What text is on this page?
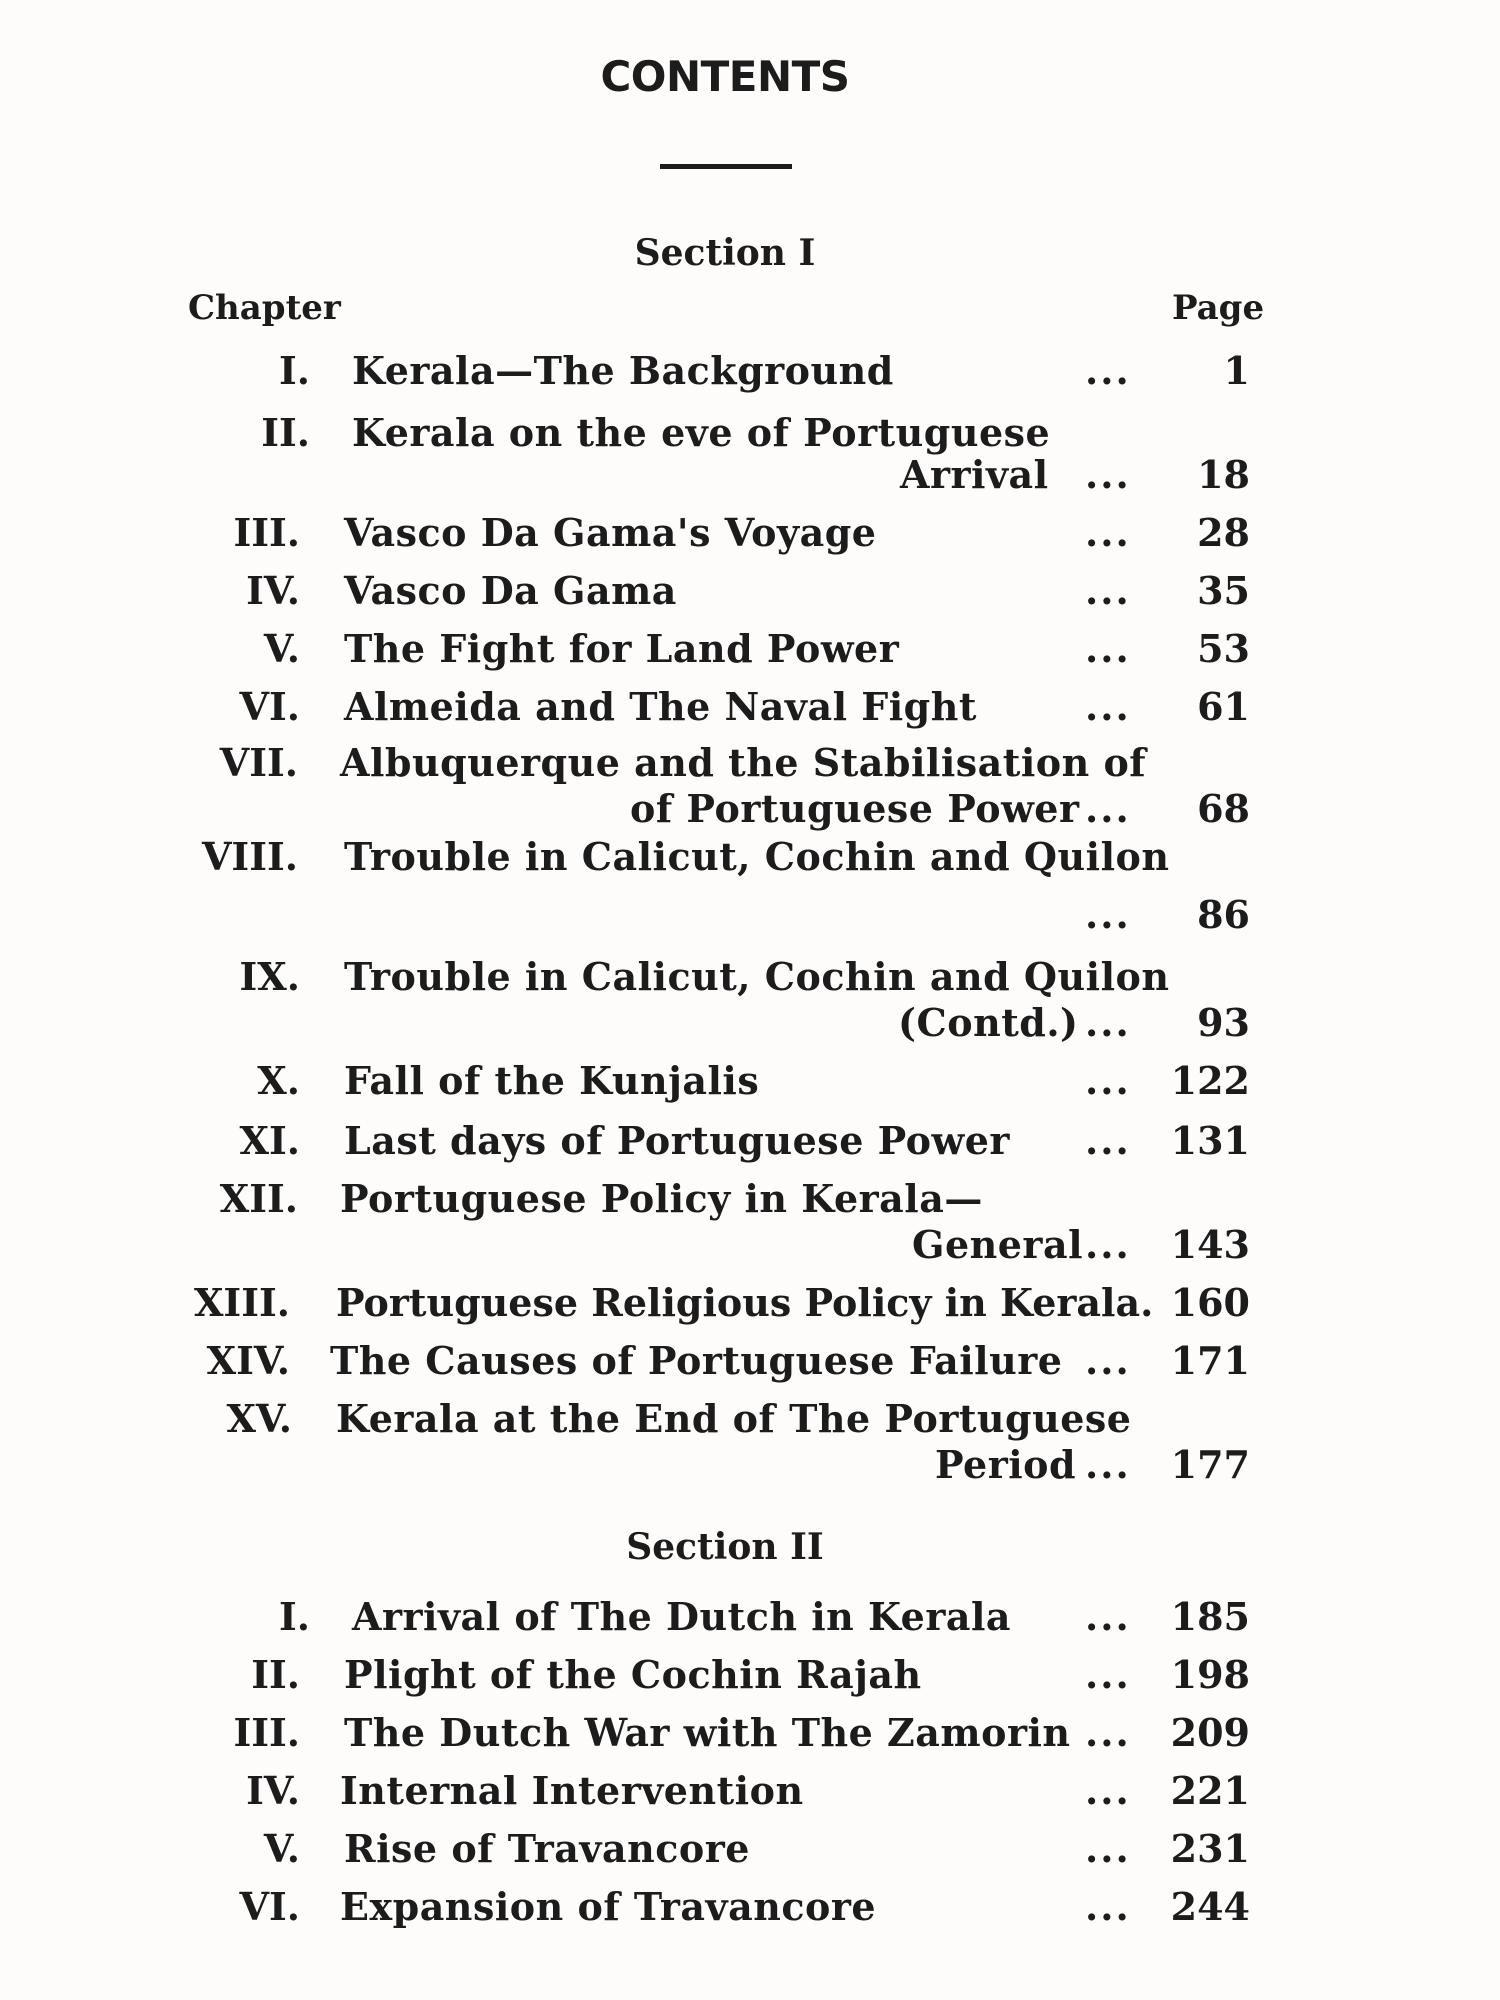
CONTENTS
Section I
Chapter	Page
I. Kerala—The Background	...	1
II. Kerala on the eve of Portuguese
Arrival ...	18
III. Vasco Da Gama's Voyage	...	28
IV. Vasco Da Gama	...	35
V. The Fight for Land Power	...	53
VI. Almeida and The Naval Fight	...	61
VII. Albuquerque and the Stabilisation of
of Portuguese Power ...	68
VIII. Trouble in Calicut, Cochin and Quilon
...	86
IX. Trouble in Calicut, Cochin and Quilon
(Contd.) ...	93
X. Fall of the Kunjalis	...	122
XI. Last days of Portuguese Power ...	131
XII. Portuguese Policy in Kerala—
General ...	143
XIII. Portuguese Religious Policy in Kerala. 160
XIV. The Causes of Portuguese Failure ...	171
XV. Kerala at the End of The Portuguese
Period ...	177
Section II
I. Arrival of The Dutch in Kerala ...	185
II. Plight of the Cochin Rajah	...	198
III. The Dutch War with The Zamorin ...	209
IV. Internal Intervention	...	221
V. Rise of Travancore	...	231
VI. Expansion of Travancore	...	244
